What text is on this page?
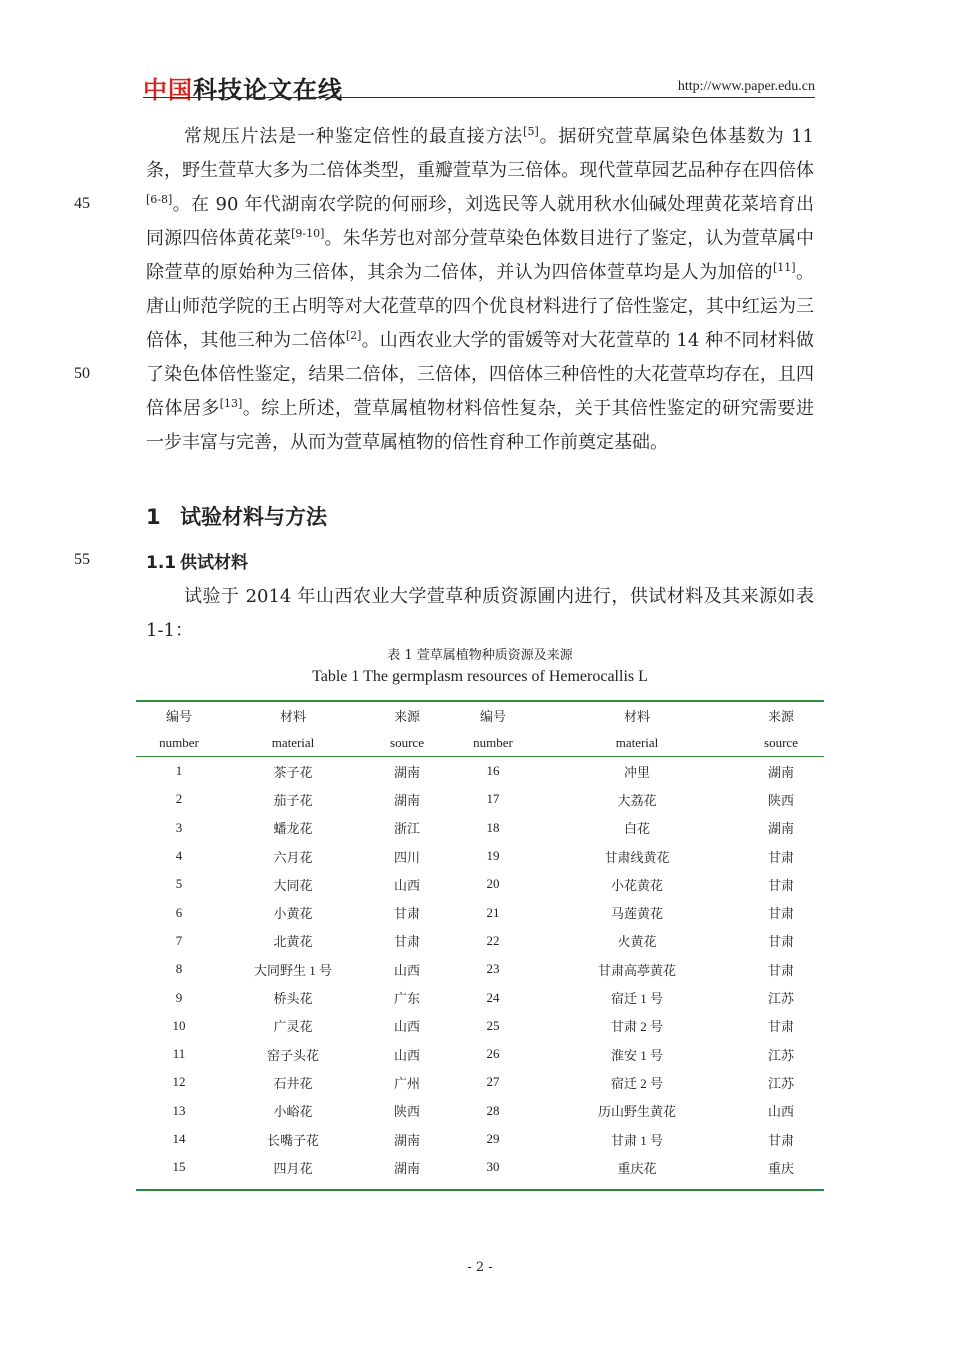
中国科技论文在线	http://www.paper.edu.cn
45
50
55

常规压片法是一种鉴定倍性的最直接方法[5]。据研究萱草属染色体基数为 11 条，野生萱草大多为二倍体类型，重瓣萱草为三倍体。现代萱草园艺品种存在四倍体[6-8]。在 90 年代湖南农学院的何丽珍，刘选民等人就用秋水仙碱处理黄花菜培育出同源四倍体黄花菜[9-10]。朱华芳也对部分萱草染色体数目进行了鉴定，认为萱草属中除萱草的原始种为三倍体，其余为二倍体，并认为四倍体萱草均是人为加倍的[11]。唐山师范学院的王占明等对大花萱草的四个优良材料进行了倍性鉴定，其中红运为三倍体，其他三种为二倍体[2]。山西农业大学的雷媛等对大花萱草的 14 种不同材料做了染色体倍性鉴定，结果二倍体，三倍体，四倍体三种倍性的大花萱草均存在，且四倍体居多[13]。综上所述，萱草属植物材料倍性复杂，关于其倍性鉴定的研究需要进一步丰富与完善，从而为萱草属植物的倍性育种工作前奠定基础。

1 试验材料与方法
1.1 供试材料

试验于 2014 年山西农业大学萱草种质资源圃内进行，供试材料及其来源如表 1-1：

表 1 萱草属植物种质资源及来源
Table 1 The germplasm resources of Hemerocallis L
编号	材料	来源	编号	材料	来源
number	material	source	number	material	source
1	茶子花	湖南	16	冲里	湖南
2	茄子花	湖南	17	大荔花	陕西
3	蟠龙花	浙江	18	白花	湖南
4	六月花	四川	19	甘肃线黄花	甘肃
5	大同花	山西	20	小花黄花	甘肃
6	小黄花	甘肃	21	马莲黄花	甘肃
7	北黄花	甘肃	22	火黄花	甘肃
8	大同野生 1 号	山西	23	甘肃高葶黄花	甘肃
9	桥头花	广东	24	宿迁 1 号	江苏
10	广灵花	山西	25	甘肃 2 号	甘肃
11	窑子头花	山西	26	淮安 1 号	江苏
12	石井花	广州	27	宿迁 2 号	江苏
13	小峪花	陕西	28	历山野生黄花	山西
14	长嘴子花	湖南	29	甘肃 1 号	甘肃
15	四月花	湖南	30	重庆花	重庆
- 2 -
